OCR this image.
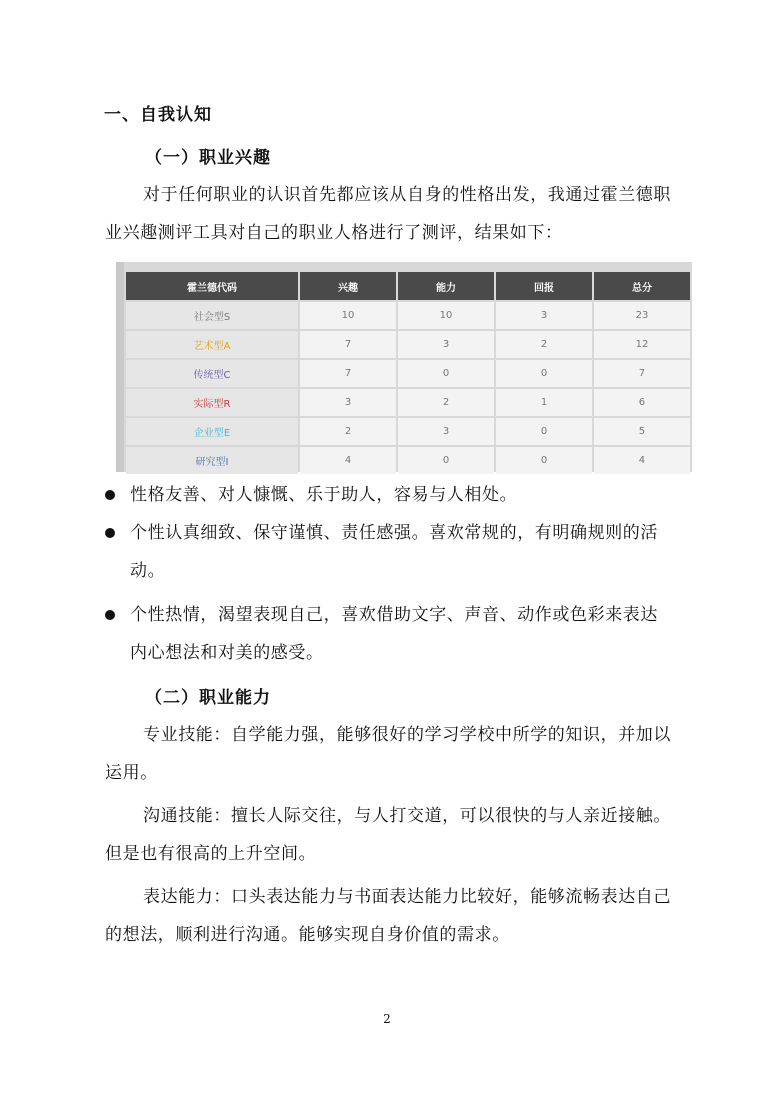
一、自我认知
（一）职业兴趣

对于任何职业的认识首先都应该从自身的性格出发，我通过霍兰德职业兴趣测评工具对自己的职业人格进行了测评，结果如下：

霍兰德代码	兴趣	能力	回报	总分
社会型S	10	10	3	23
艺术型A	7	3	2	12
传统型C	7	0	0	7
实际型R	3	2	1	6
企业型E	2	3	0	5
研究型I	4	0	0	4
性格友善、对人慷慨、乐于助人，容易与人相处。
个性认真细致、保守谨慎、责任感强。喜欢常规的，有明确规则的活动。
个性热情，渴望表现自己，喜欢借助文字、声音、动作或色彩来表达内心想法和对美的感受。
（二）职业能力

专业技能：自学能力强，能够很好的学习学校中所学的知识，并加以运用。

沟通技能：擅长人际交往，与人打交道，可以很快的与人亲近接触。但是也有很高的上升空间。

表达能力：口头表达能力与书面表达能力比较好，能够流畅表达自己的想法，顺利进行沟通。能够实现自身价值的需求。

2
